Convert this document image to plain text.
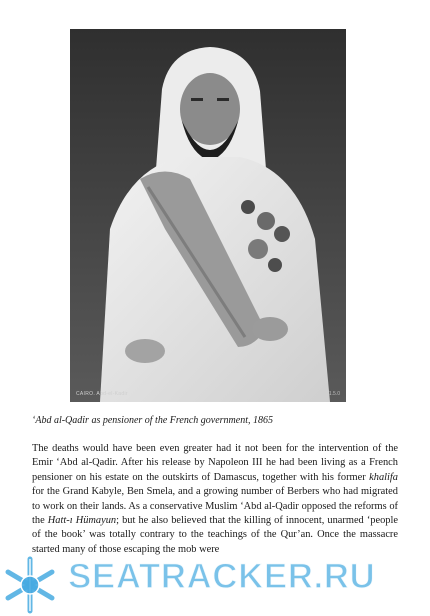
CAIRO. Abd-el-Kadir	1.5.0

‘Abd al-Qadir as pensioner of the French government, 1865

The deaths would have been even greater had it not been for the intervention of the Emir ‘Abd al-Qadir. After his release by Napoleon III he had been living as a French pensioner on his estate on the outskirts of Damascus, together with his former khalifa for the Grand Kabyle, Ben Smela, and a growing number of Berbers who had migrated to work on their lands. As a conservative Muslim ‘Abd al-Qadir opposed the reforms of the Hatt-ı Hümayun; but he also believed that the killing of innocent, unarmed ‘people of the book’ was totally contrary to the teachings of the Qur’an. Once the massacre started many of those escaping the mob were

SEATRACKER.RU
